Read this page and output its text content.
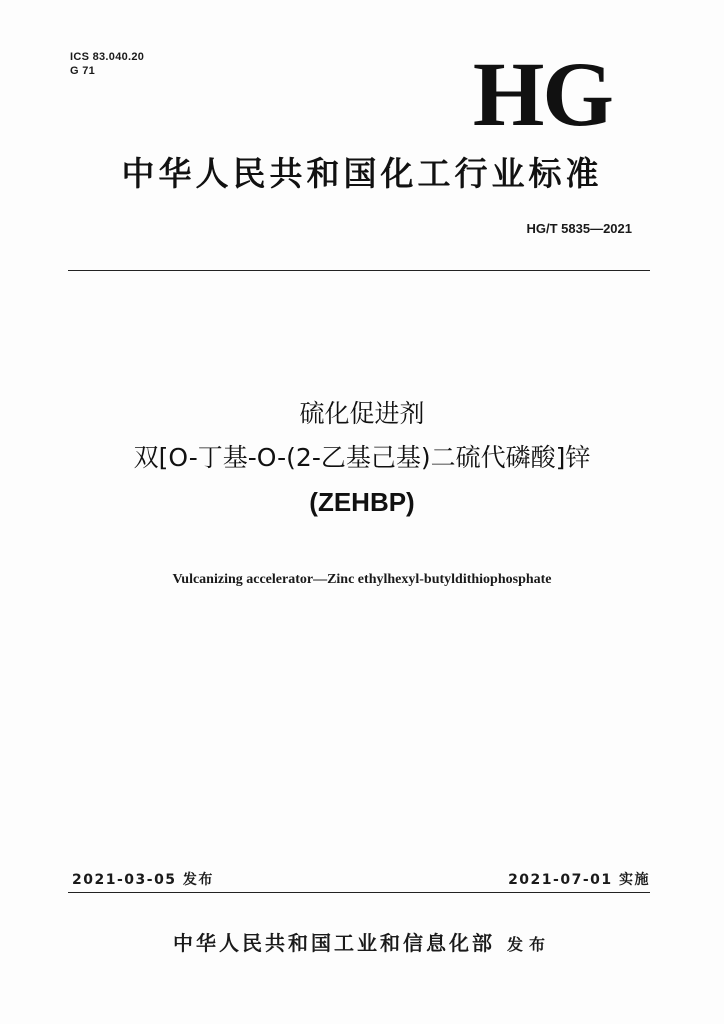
ICS 83.040.20
G 71	HG
中华人民共和国化工行业标准
HG/T 5835—2021
硫化促进剂
双[O-丁基-O-(2-乙基己基)二硫代磷酸]锌
(ZEHBP)
Vulcanizing accelerator—Zinc ethylhexyl-butyldithiophosphate
2021-03-05 发布	2021-07-01 实施
中华人民共和国工业和信息化部 发布
